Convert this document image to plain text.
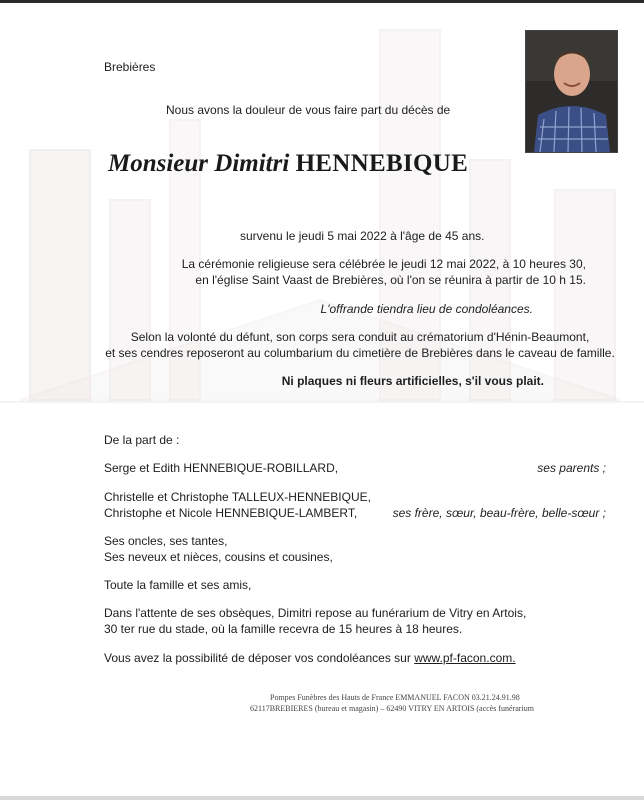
Brebières
Nous avons la douleur de vous faire part du décès de
Monsieur Dimitri HENNEBIQUE
survenu le jeudi 5 mai 2022 à l'âge de 45 ans.
La cérémonie religieuse sera célébrée le jeudi 12 mai 2022, à 10 heures 30,
en l'église Saint Vaast de Brebières, où l'on se réunira à partir de 10 h 15.
L'offrande tiendra lieu de condoléances.
Selon la volonté du défunt, son corps sera conduit au crématorium d'Hénin-Beaumont,
et ses cendres reposeront au columbarium du cimetière de Brebières dans le caveau de famille.
Ni plaques ni fleurs artificielles, s'il vous plait.
De la part de :
Serge et Edith HENNEBIQUE-ROBILLARD,	ses parents ;
Christelle et Christophe TALLEUX-HENNEBIQUE,
Christophe et Nicole HENNEBIQUE-LAMBERT,	ses frère, sœur, beau-frère, belle-sœur ;
Ses oncles, ses tantes,
Ses neveux et nièces, cousins et cousines,
Toute la famille et ses amis,
Dans l'attente de ses obsèques, Dimitri repose au funérarium de Vitry en Artois,
30 ter rue du stade, où la famille recevra de 15 heures à 18 heures.
Vous avez la possibilité de déposer vos condoléances sur www.pf-facon.com.
Pompes Funèbres des Hauts de France EMMANUEL FACON 03.21.24.91.98
62117BREBIERES (bureau et magasin) – 62490 VITRY EN ARTOIS (accès funérarium
